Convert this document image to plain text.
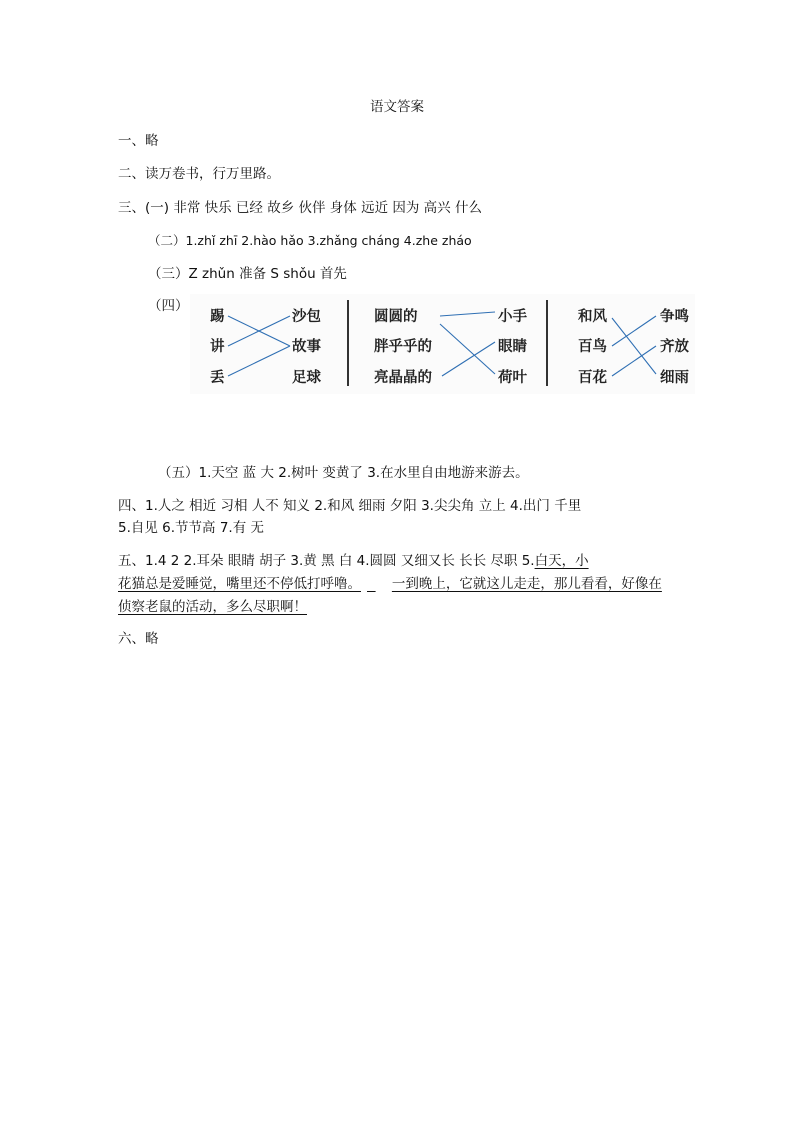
语文答案
一、略
二、读万卷书，行万里路。
三、(一) 非常 快乐 已经 故乡 伙伴 身体 远近 因为 高兴 什么
（二）1.zhǐ zhī 2.hào hǎo 3.zhǎng cháng 4.zhe zháo
（三）Z zhǔn 准备 S shǒu 首先
（四）
踢
讲
丢
沙包
故事
足球
圆圆的
胖乎乎的
亮晶晶的
小手
眼睛
荷叶
和风
百鸟
百花
争鸣
齐放
细雨
（五）1.天空 蓝 大 2.树叶 变黄了 3.在水里自由地游来游去。
四、1.人之 相近 习相 人不 知义 2.和风 细雨 夕阳 3.尖尖角 立上 4.出门 千里
5.自见 6.节节高 7.有 无
五、1.4 2 2.耳朵 眼睛 胡子 3.黄 黑 白 4.圆圆 又细又长 长长 尽职 5.白天，小
花猫总是爱睡觉，嘴里还不停低打呼噜。 一到晚上，它就这儿走走，那儿看看，好像在
侦察老鼠的活动，多么尽职啊！
六、略
